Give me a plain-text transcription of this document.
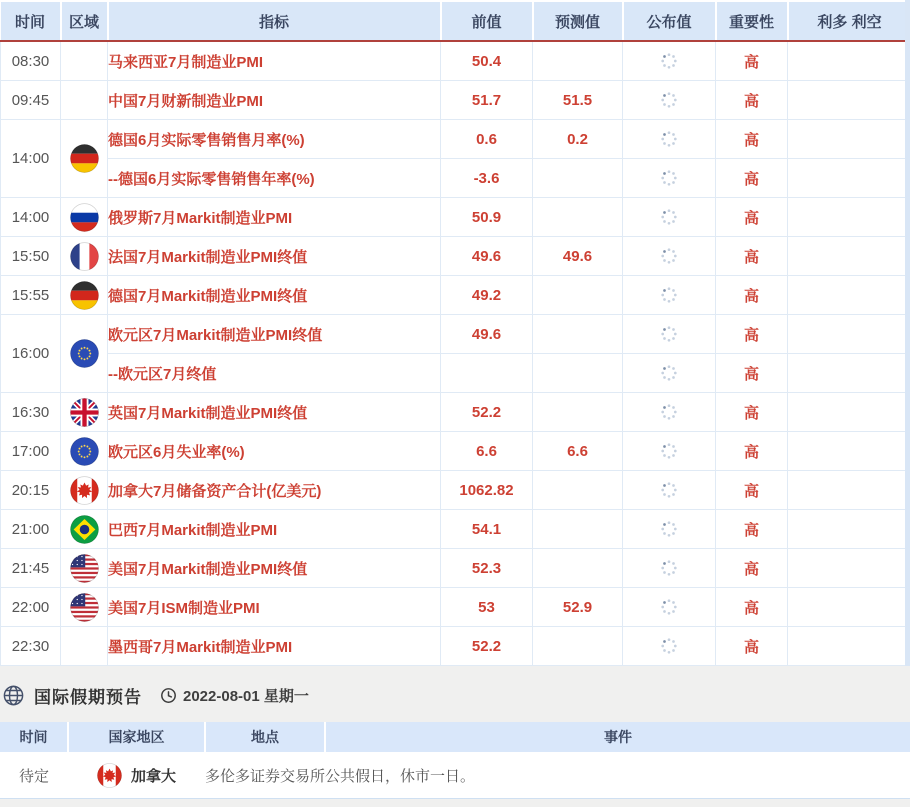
时间	区域	指标	前值	预测值	公布值	重要性	利多 利空
08:30		马来西亚7月制造业PMI	50.4			高	
09:45		中国7月财新制造业PMI	51.7	51.5		高	
14:00		德国6月实际零售销售月率(%)	0.6	0.2		高	
		--德国6月实际零售销售年率(%)	-3.6			高	
14:00		俄罗斯7月Markit制造业PMI	50.9			高	
15:50		法国7月Markit制造业PMI终值	49.6	49.6		高	
15:55		德国7月Markit制造业PMI终值	49.2			高	
16:00		欧元区7月Markit制造业PMI终值	49.6			高	
		--欧元区7月终值				高	
16:30		英国7月Markit制造业PMI终值	52.2			高	
17:00		欧元区6月失业率(%)	6.6	6.6		高	
20:15		加拿大7月储备资产合计(亿美元)	1062.82			高	
21:00		巴西7月Markit制造业PMI	54.1			高	
21:45		美国7月Markit制造业PMI终值	52.3			高	
22:00		美国7月ISM制造业PMI	53	52.9		高	
22:30		墨西哥7月Markit制造业PMI	52.2			高	
国际假期预告	2022-08-01 星期一
时间	国家地区	地点	事件
待定	加拿大	多伦多证券交易所	公共假日，休市一日。
